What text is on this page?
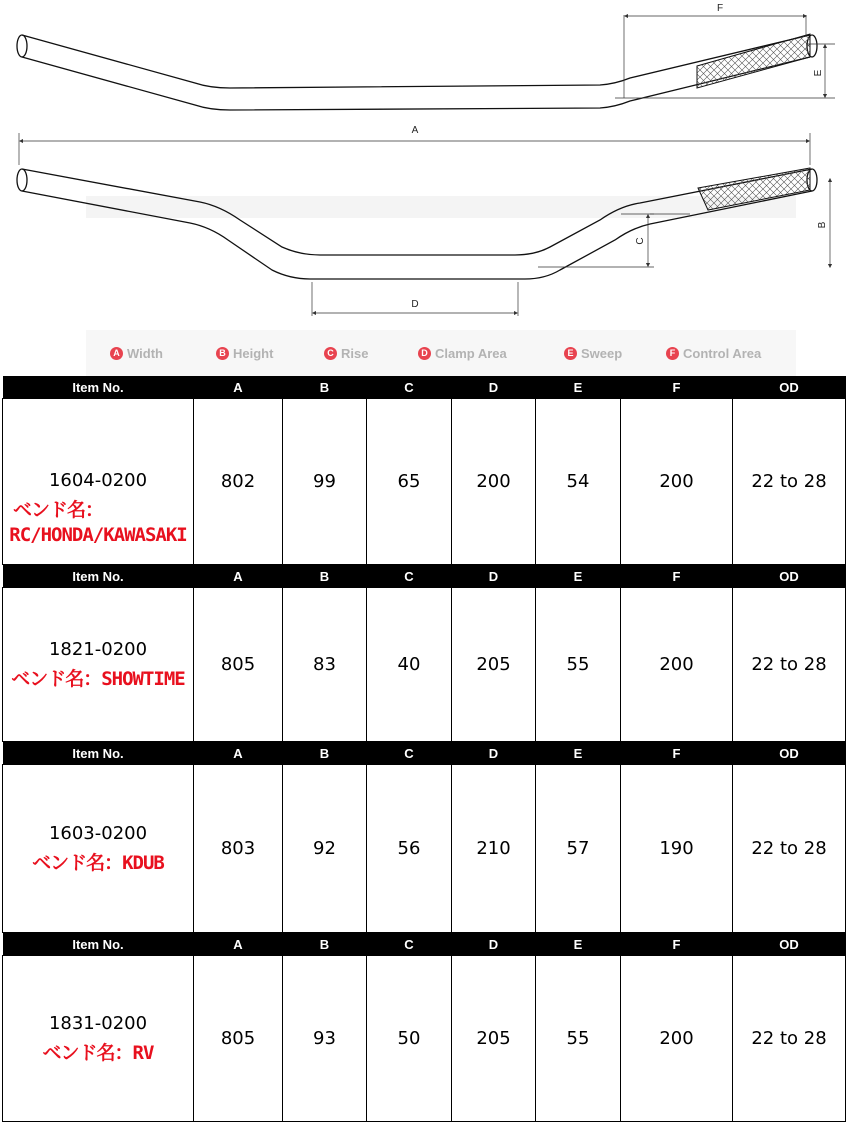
F
E
A
C
B
D
A Width	B Height	C Rise	D Clamp Area	E Sweep	F Control Area
Item No.	A	B	C	D	E	F	OD

1604-0200
ベンド名：
RC/HONDA/KAWASAKI	802	99	65	200	54	200	22 to 28
Item No.	A	B	C	D	E	F	OD

1821-0200
ベンド名：SHOWTIME	805	83	40	205	55	200	22 to 28
Item No.	A	B	C	D	E	F	OD

1603-0200
ベンド名：KDUB	803	92	56	210	57	190	22 to 28
Item No.	A	B	C	D	E	F	OD

1831-0200
ベンド名：RV	805	93	50	205	55	200	22 to 28
